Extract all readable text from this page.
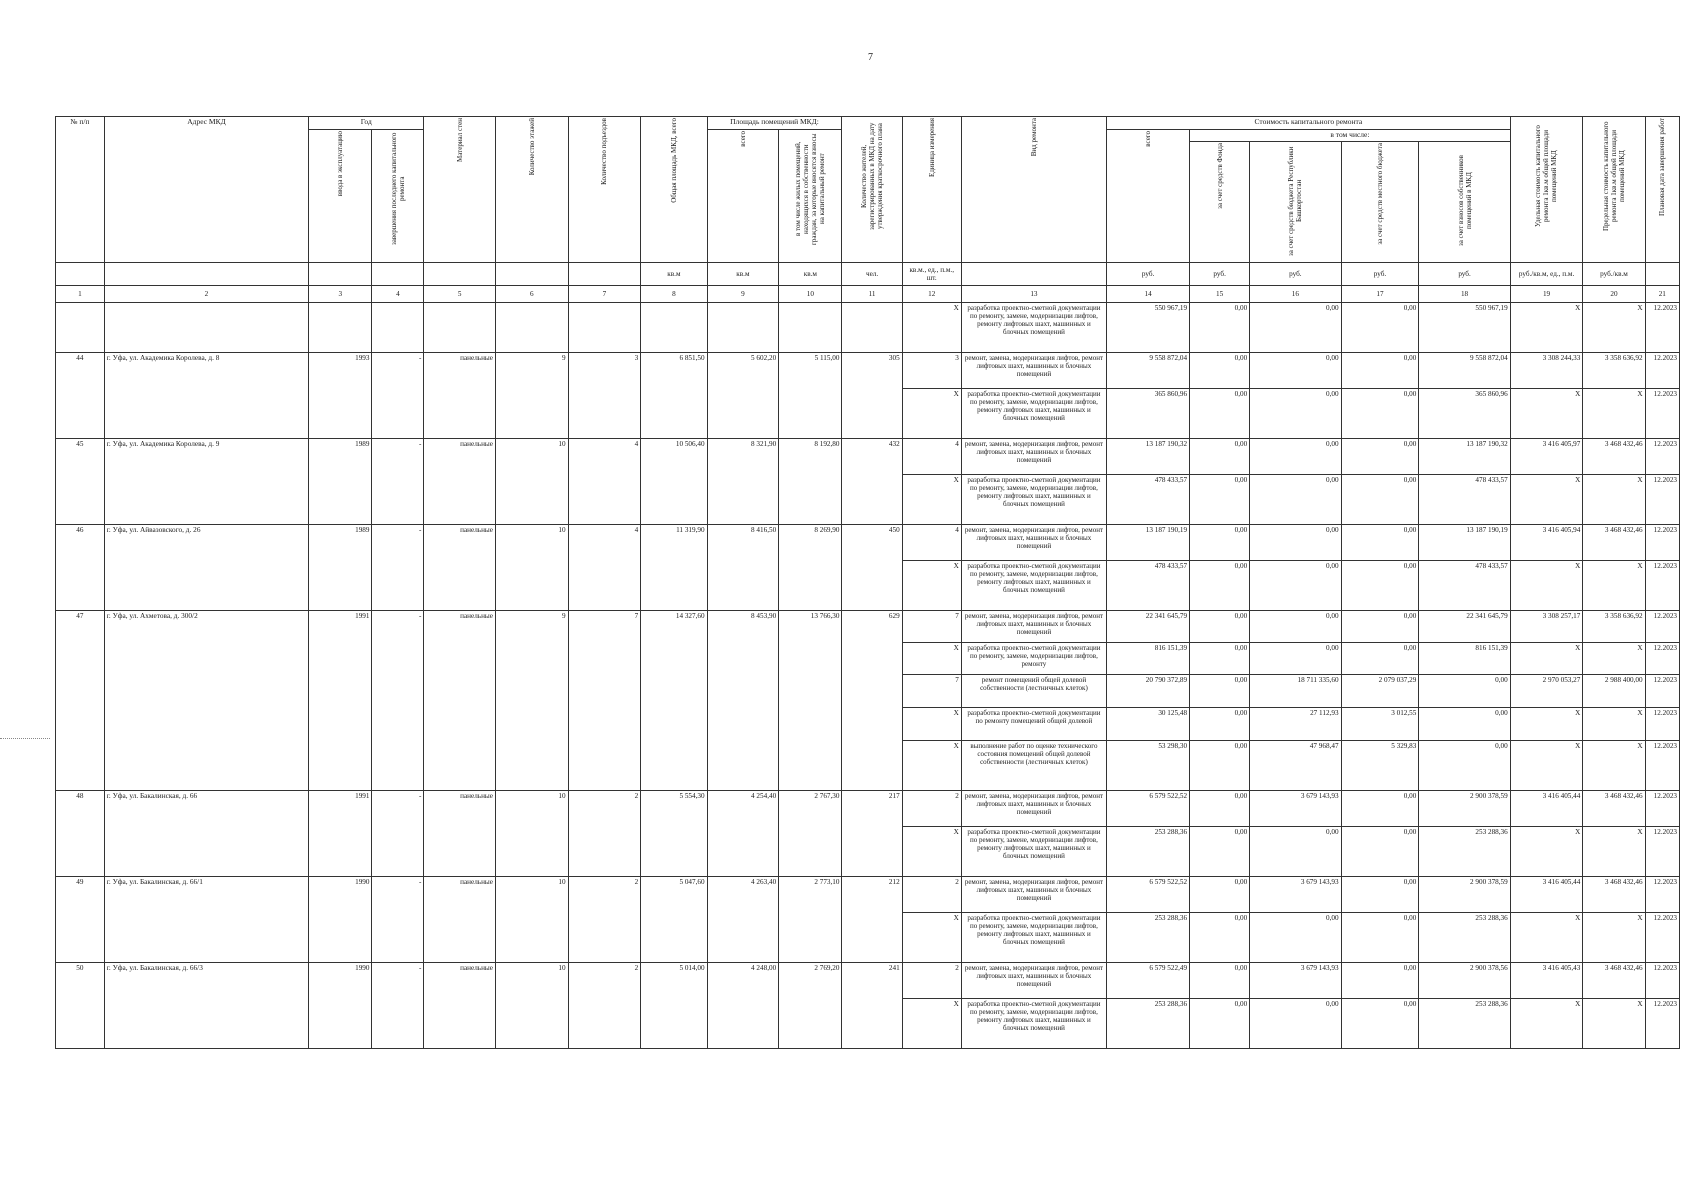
7
№ п/п	Адрес МКД	Год		Материал стен	Количество этажей	Количество подъездов	Общая площадь МКД, всего	Площадь помещений МКД:		Количество жителей, зарегистрированных в МКД на дату утверждения краткосрочного плана	Единица измерения	Вид ремонта	Стоимость капитального ремонта					Удельная стоимость капитального ремонта 1кв.м общей площади помещений МКД	Предельная стоимость капитального ремонта 1кв.м общей площади помещений МКД	Плановая дата завершения работ
		ввода в эксплуатацию	завершения последнего капитального ремонта					всего	в том числе жилых помещений, находящихся в собственности граждан, за которые вносятся взносы на капитальный ремонт				всего	в том числе:						
														за счет средств Фонда	за счет средств бюджета Республики Башкортостан	за счет средств местного бюджета	за счет взносов собственников помещений в МКД			
							кв.м	кв.м	кв.м	чел.	кв.м., ед., п.м., шт.		руб.	руб.	руб.	руб.	руб.	руб./кв.м, ед., п.м.	руб./кв.м	
1	2	3	4	5	6	7	8	9	10	11	12	13	14	15	16	17	18	19	20	21
											X	разработка проектно-сметной документации по ремонту, замене, модернизации лифтов, ремонту лифтовых шахт, машинных и блочных помещений	550 967,19	0,00	0,00	0,00	550 967,19	X	X	12.2023
44	г. Уфа, ул. Академика Королева, д. 8	1993	-	панельные	9	3	6 851,50	5 602,20	5 115,00	305	3	ремонт, замена, модернизация лифтов, ремонт лифтовых шахт, машинных и блочных помещений	9 558 872,04	0,00	0,00	0,00	9 558 872,04	3 308 244,33	3 358 636,92	12.2023
											X	разработка проектно-сметной документации по ремонту, замене, модернизации лифтов, ремонту лифтовых шахт, машинных и блочных помещений	365 860,96	0,00	0,00	0,00	365 860,96	X	X	12.2023
45	г. Уфа, ул. Академика Королева, д. 9	1989	-	панельные	10	4	10 506,40	8 321,90	8 192,80	432	4	ремонт, замена, модернизация лифтов, ремонт лифтовых шахт, машинных и блочных помещений	13 187 190,32	0,00	0,00	0,00	13 187 190,32	3 416 405,97	3 468 432,46	12.2023
											X	разработка проектно-сметной документации по ремонту, замене, модернизации лифтов, ремонту лифтовых шахт, машинных и блочных помещений	478 433,57	0,00	0,00	0,00	478 433,57	X	X	12.2023
46	г. Уфа, ул. Айвазовского, д. 26	1989	-	панельные	10	4	11 319,90	8 416,50	8 269,90	450	4	ремонт, замена, модернизация лифтов, ремонт лифтовых шахт, машинных и блочных помещений	13 187 190,19	0,00	0,00	0,00	13 187 190,19	3 416 405,94	3 468 432,46	12.2023
											X	разработка проектно-сметной документации по ремонту, замене, модернизации лифтов, ремонту лифтовых шахт, машинных и блочных помещений	478 433,57	0,00	0,00	0,00	478 433,57	X	X	12.2023
47	г. Уфа, ул. Ахметова, д. 300/2	1991	-	панельные	9	7	14 327,60	8 453,90	13 766,30	629	7	ремонт, замена, модернизация лифтов, ремонт лифтовых шахт, машинных и блочных помещений	22 341 645,79	0,00	0,00	0,00	22 341 645,79	3 308 257,17	3 358 636,92	12.2023
											X	разработка проектно-сметной документации по ремонту, замене, модернизации лифтов, ремонту	816 151,39	0,00	0,00	0,00	816 151,39	X	X	12.2023
											7	ремонт помещений общей долевой собственности (лестничных клеток)	20 790 372,89	0,00	18 711 335,60	2 079 037,29	0,00	2 970 053,27	2 988 400,00	12.2023
											X	разработка проектно-сметной документации по ремонту помещений общей долевой	30 125,48	0,00	27 112,93	3 012,55	0,00	X	X	12.2023
											X	выполнение работ по оценке технического состояния помещений общей долевой собственности (лестничных клеток)	53 298,30	0,00	47 968,47	5 329,83	0,00	X	X	12.2023
48	г. Уфа, ул. Бакалинская, д. 66	1991	-	панельные	10	2	5 554,30	4 254,40	2 767,30	217	2	ремонт, замена, модернизация лифтов, ремонт лифтовых шахт, машинных и блочных помещений	6 579 522,52	0,00	3 679 143,93	0,00	2 900 378,59	3 416 405,44	3 468 432,46	12.2023
											X	разработка проектно-сметной документации по ремонту, замене, модернизации лифтов, ремонту лифтовых шахт, машинных и блочных помещений	253 288,36	0,00	0,00	0,00	253 288,36	X	X	12.2023
49	г. Уфа, ул. Бакалинская, д. 66/1	1990	-	панельные	10	2	5 047,60	4 263,40	2 773,10	212	2	ремонт, замена, модернизация лифтов, ремонт лифтовых шахт, машинных и блочных помещений	6 579 522,52	0,00	3 679 143,93	0,00	2 900 378,59	3 416 405,44	3 468 432,46	12.2023
											X	разработка проектно-сметной документации по ремонту, замене, модернизации лифтов, ремонту лифтовых шахт, машинных и блочных помещений	253 288,36	0,00	0,00	0,00	253 288,36	X	X	12.2023
50	г. Уфа, ул. Бакалинская, д. 66/3	1990	-	панельные	10	2	5 014,00	4 248,00	2 769,20	241	2	ремонт, замена, модернизация лифтов, ремонт лифтовых шахт, машинных и блочных помещений	6 579 522,49	0,00	3 679 143,93	0,00	2 900 378,56	3 416 405,43	3 468 432,46	12.2023
											X	разработка проектно-сметной документации по ремонту, замене, модернизации лифтов, ремонту лифтовых шахт, машинных и блочных помещений	253 288,36	0,00	0,00	0,00	253 288,36	X	X	12.2023
